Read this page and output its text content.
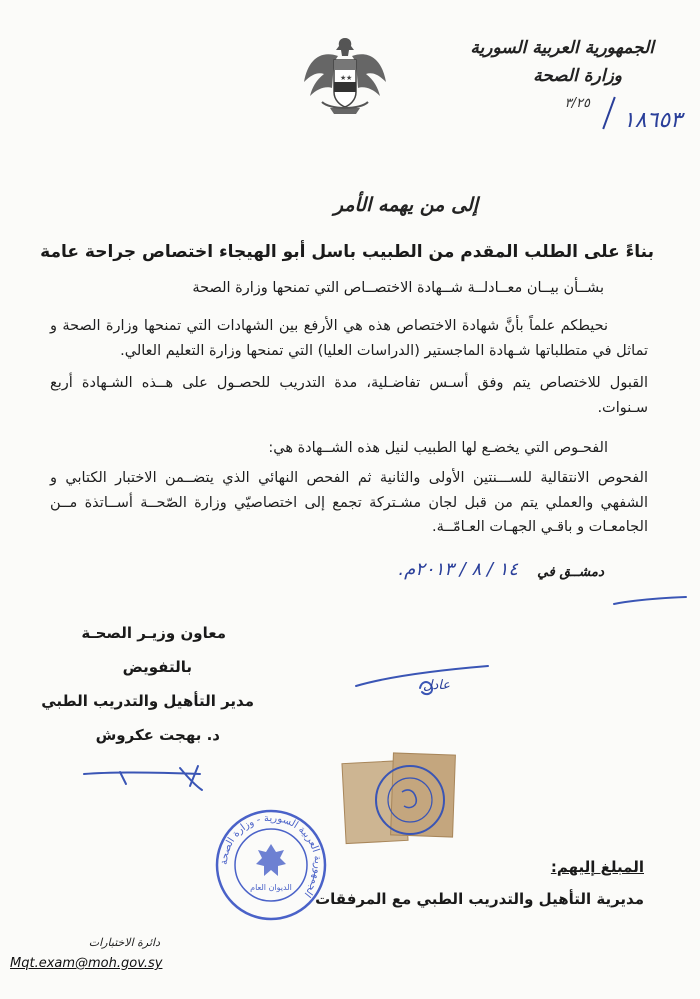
★ ★
الجمهورية العربية السورية
وزارة الصحة
٣/٢٥
١٨٦٥٣
إلى من يهمه الأمر
بناءً على الطلب المقدم من الطبيب باسل أبو الهيجاء اختصاص جراحة عامة
بشــأن بيــان معــادلــة شــهادة الاختصــاص التي تمنحها وزارة الصحة
نحيطكم علماً بأنَّ شهادة الاختصاص هذه هي الأرفع بين الشهادات التي تمنحها وزارة الصحة و تماثل في متطلباتها شـهادة الماجستير (الدراسات العليا) التي تمنحها وزارة التعليم العالي.
القبول للاختصاص يتم وفق أسـس تفاضـلية، مدة التدريب للحصـول على هــذه الشـهادة أربع سـنوات.
الفحـوص التي يخضـع لها الطبيب لنيل هذه الشــهادة هي:
الفحوص الانتقالية للســـنتين الأولى والثانية ثم الفحص النهائي الذي يتضــمن الاختبار الكتابي و الشفهي والعملي يتم من قبل لجان مشـتركة تجمع إلى اختصاصيّي وزارة الصّحــة أســاتذة مــن الجامعـات و باقـي الجهـات العـامّــة.
دمشــق في
١٤ / ٨ / ٢٠١٣م.
عادل
معاون وزيـر الصحـة
بالتفويض
مدير التأهيل والتدريب الطبي
د. بهجت عكروش
الجمهورية العربية السورية - وزارة الصحة
الديوان العام
المبلغ إليهم:
مديرية التأهيل والتدريب الطبي مع المرفقات
دائرة الاختبارات
Mqt.exam@moh.gov.sy
